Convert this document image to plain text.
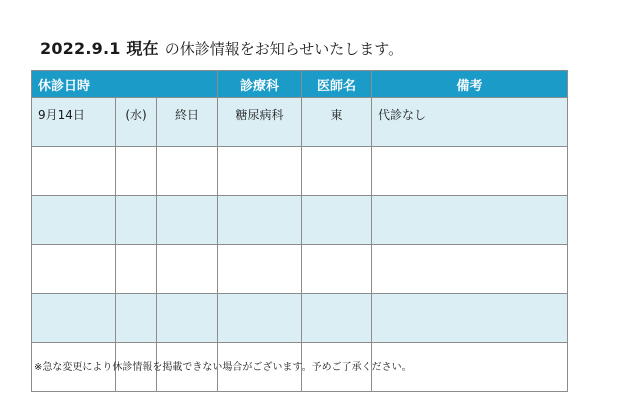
2022.9.1 現在 の休診情報をお知らせいたします。
休診日時			診療科	医師名	備考
9月14日	(水)	終日	糖尿病科	東	代診なし

※急な変更により休診情報を掲載できない場合がございます。予めご了承ください。
